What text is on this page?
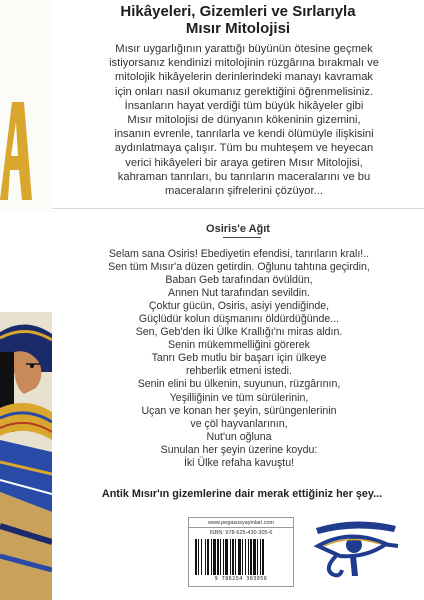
Hikâyeleri, Gizemleri ve Sırlarıyla
Mısır Mitolojisi
Mısır uygarlığının yarattığı büyünün ötesine geçmek
istiyorsanız kendinizi mitolojinin rüzgârına bırakmalı ve
mitolojik hikâyelerin derinlerindeki manayı kavramak
için onları nasıl okumanız gerektiğini öğrenmelisiniz.
İnsanların hayat verdiği tüm büyük hikâyeler gibi
Mısır mitolojisi de dünyanın kökeninin gizemini,
insanın evrenle, tanrılarla ve kendi ölümüyle ilişkisini
aydınlatmaya çalışır. Tüm bu muhteşem ve heyecan
verici hikâyeleri bir araya getiren Mısır Mitolojisi,
kahraman tanrıları, bu tanrıların maceralarını ve bu
maceraların şifrelerini çözüyor...
Osiris'e Ağıt
Selam sana Osiris! Ebediyetin efendisi, tanrıların kralı!..
Sen tüm Mısır'a düzen getirdin. Oğlunu tahtına geçirdin,
Baban Geb tarafından övüldün,
Annen Nut tarafından sevildin.
Çoktur gücün, Osiris, asiyi yendiğinde,
Güçlüdür kolun düşmanını öldürdüğünde...
Sen, Geb'den İki Ülke Krallığı'nı miras aldın.
Senin mükemmelliğini görerek
Tanrı Geb mutlu bir başarı için ülkeye
rehberlik etmeni istedi.
Senin elini bu ülkenin, suyunun, rüzgârının,
Yeşilliğinin ve tüm sürülerinin,
Uçan ve konan her şeyin, sürüngenlerinin
ve çöl hayvanlarının,
Nut'un oğluna
Sunulan her şeyin üzerine koydu:
İki Ülke refaha kavuştu!
Antik Mısır'ın gizemlerine dair merak ettiğiniz her şey...
www.pegasusyayinlari.com
ISBN: 978-625-430-305-6
9 786254 303056
